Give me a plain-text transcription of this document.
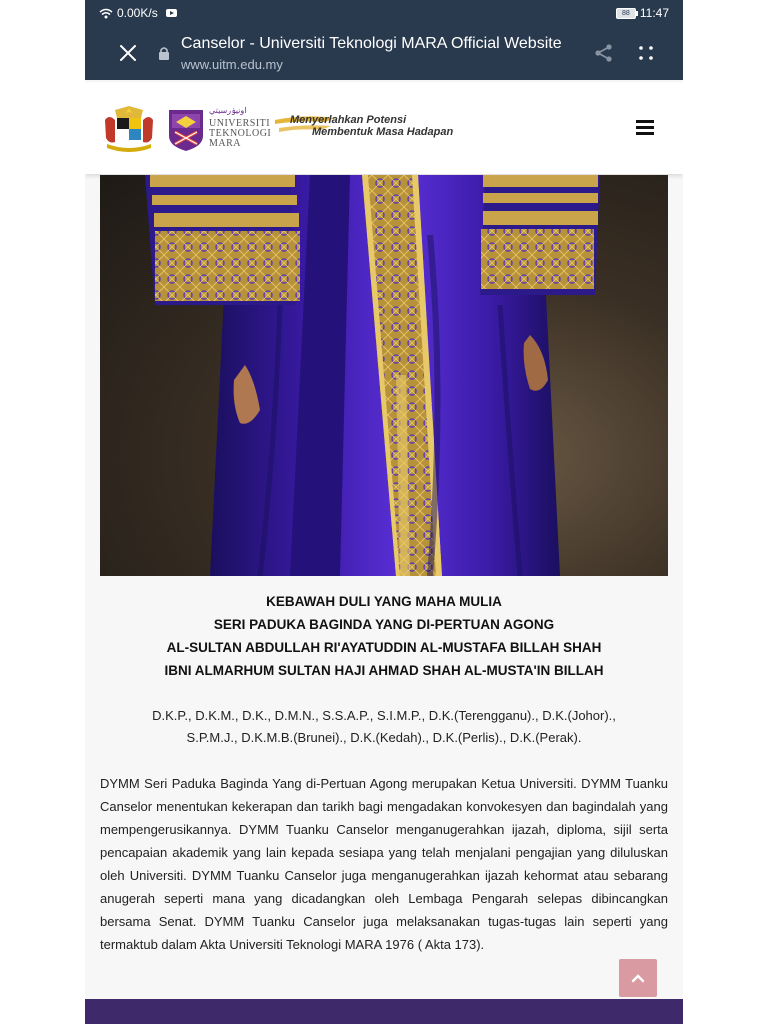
0.00K/s	88 11:47
Canselor - Universiti Teknologi MARA Official Website
www.uitm.edu.my
اونيۏرسيتي
UNIVERSITI
TEKNOLOGI
MARA
Menyerlahkan Potensi
Membentuk Masa Hadapan
KEBAWAH DULI YANG MAHA MULIA
SERI PADUKA BAGINDA YANG DI-PERTUAN AGONG
AL-SULTAN ABDULLAH RI'AYATUDDIN AL-MUSTAFA BILLAH SHAH
IBNI ALMARHUM SULTAN HAJI AHMAD SHAH AL-MUSTA'IN BILLAH
D.K.P., D.K.M., D.K., D.M.N., S.S.A.P., S.I.M.P., D.K.(Terengganu)., D.K.(Johor).,
S.P.M.J., D.K.M.B.(Brunei)., D.K.(Kedah)., D.K.(Perlis)., D.K.(Perak).
DYMM Seri Paduka Baginda Yang di-Pertuan Agong merupakan Ketua Universiti. DYMM Tuanku Canselor menentukan kekerapan dan tarikh bagi mengadakan konvokesyen dan bagindalah yang mempengerusikannya. DYMM Tuanku Canselor menganugerahkan ijazah, diploma, sijil serta pencapaian akademik yang lain kepada sesiapa yang telah menjalani pengajian yang diluluskan oleh Universiti. DYMM Tuanku Canselor juga menganugerahkan ijazah kehormat atau sebarang anugerah seperti mana yang dicadangkan oleh Lembaga Pengarah selepas dibincangkan bersama Senat. DYMM Tuanku Canselor juga melaksanakan tugas-tugas lain seperti yang termaktub dalam Akta Universiti Teknologi MARA 1976 ( Akta 173).
